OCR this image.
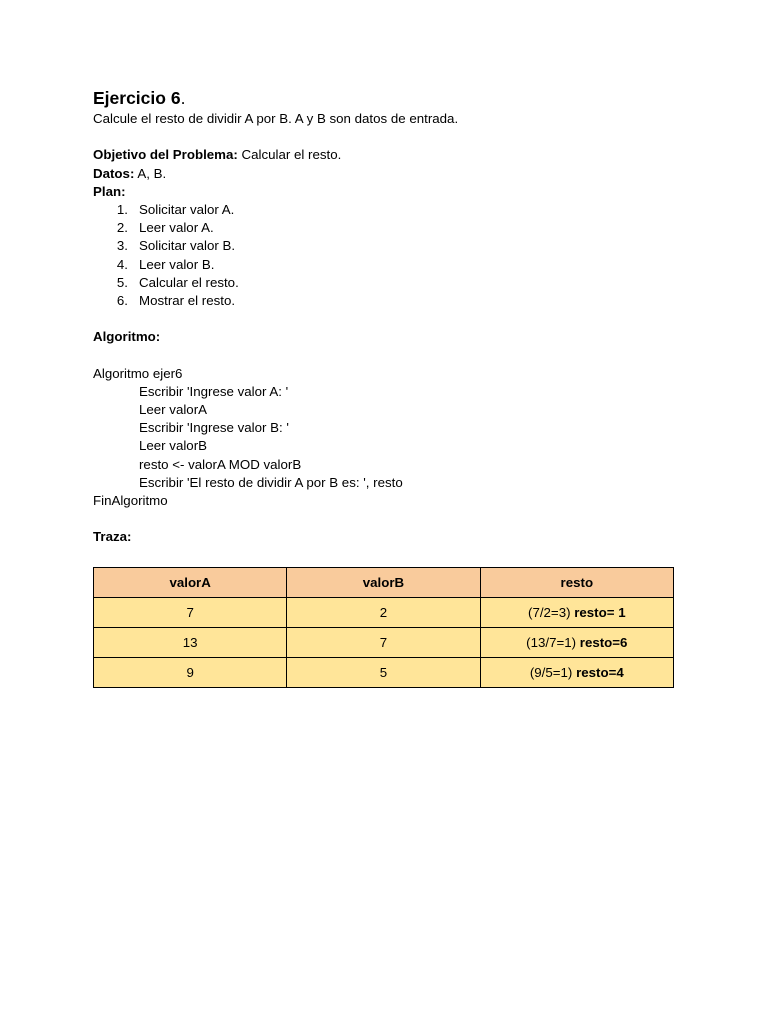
Ejercicio 6.
Calcule el resto de dividir A por B. A y B son datos de entrada.
Objetivo del Problema: Calcular el resto.
Datos: A, B.
Plan:
1. Solicitar valor A.
2. Leer valor A.
3. Solicitar valor B.
4. Leer valor B.
5. Calcular el resto.
6. Mostrar el resto.
Algoritmo:
Algoritmo ejer6
Escribir 'Ingrese valor A: '
Leer valorA
Escribir 'Ingrese valor B: '
Leer valorB
resto <- valorA MOD valorB
Escribir 'El resto de dividir A por B es: ', resto
FinAlgoritmo
Traza:
valorA	valorB	resto
7	2	(7/2=3) resto= 1
13	7	(13/7=1) resto=6
9	5	(9/5=1) resto=4
